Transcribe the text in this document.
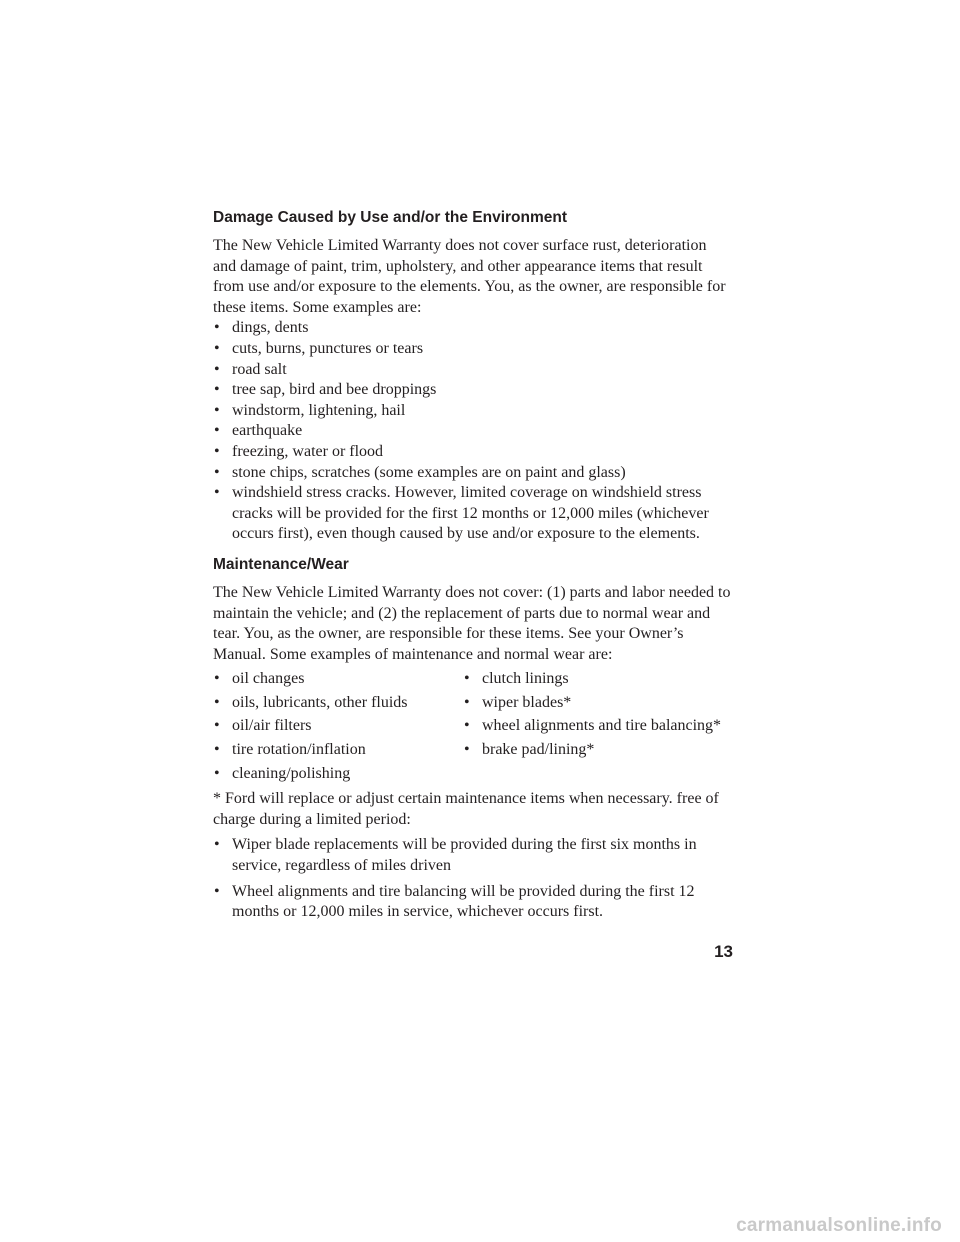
Damage Caused by Use and/or the Environment

The New Vehicle Limited Warranty does not cover surface rust, deterioration and damage of paint, trim, upholstery, and other appearance items that result from use and/or exposure to the elements. You, as the owner, are responsible for these items. Some examples are:

• dings, dents
• cuts, burns, punctures or tears
• road salt
• tree sap, bird and bee droppings
• windstorm, lightening, hail
• earthquake
• freezing, water or flood
• stone chips, scratches (some examples are on paint and glass)
• windshield stress cracks. However, limited coverage on windshield stress cracks will be provided for the first 12 months or 12,000 miles (whichever occurs first), even though caused by use and/or exposure to the elements.
Maintenance/Wear

The New Vehicle Limited Warranty does not cover: (1) parts and labor needed to maintain the vehicle; and (2) the replacement of parts due to normal wear and tear. You, as the owner, are responsible for these items. See your Owner’s Manual. Some examples of maintenance and normal wear are:

• oil changes
• oils, lubricants, other fluids
• oil/air filters
• tire rotation/inflation
• cleaning/polishing
• clutch linings
• wiper blades*
• wheel alignments and tire balancing*
• brake pad/lining*

* Ford will replace or adjust certain maintenance items when necessary. free of charge during a limited period:

• Wiper blade replacements will be provided during the first six months in service, regardless of miles driven
• Wheel alignments and tire balancing will be provided during the first 12 months or 12,000 miles in service, whichever occurs first.
13
carmanualsonline.info
